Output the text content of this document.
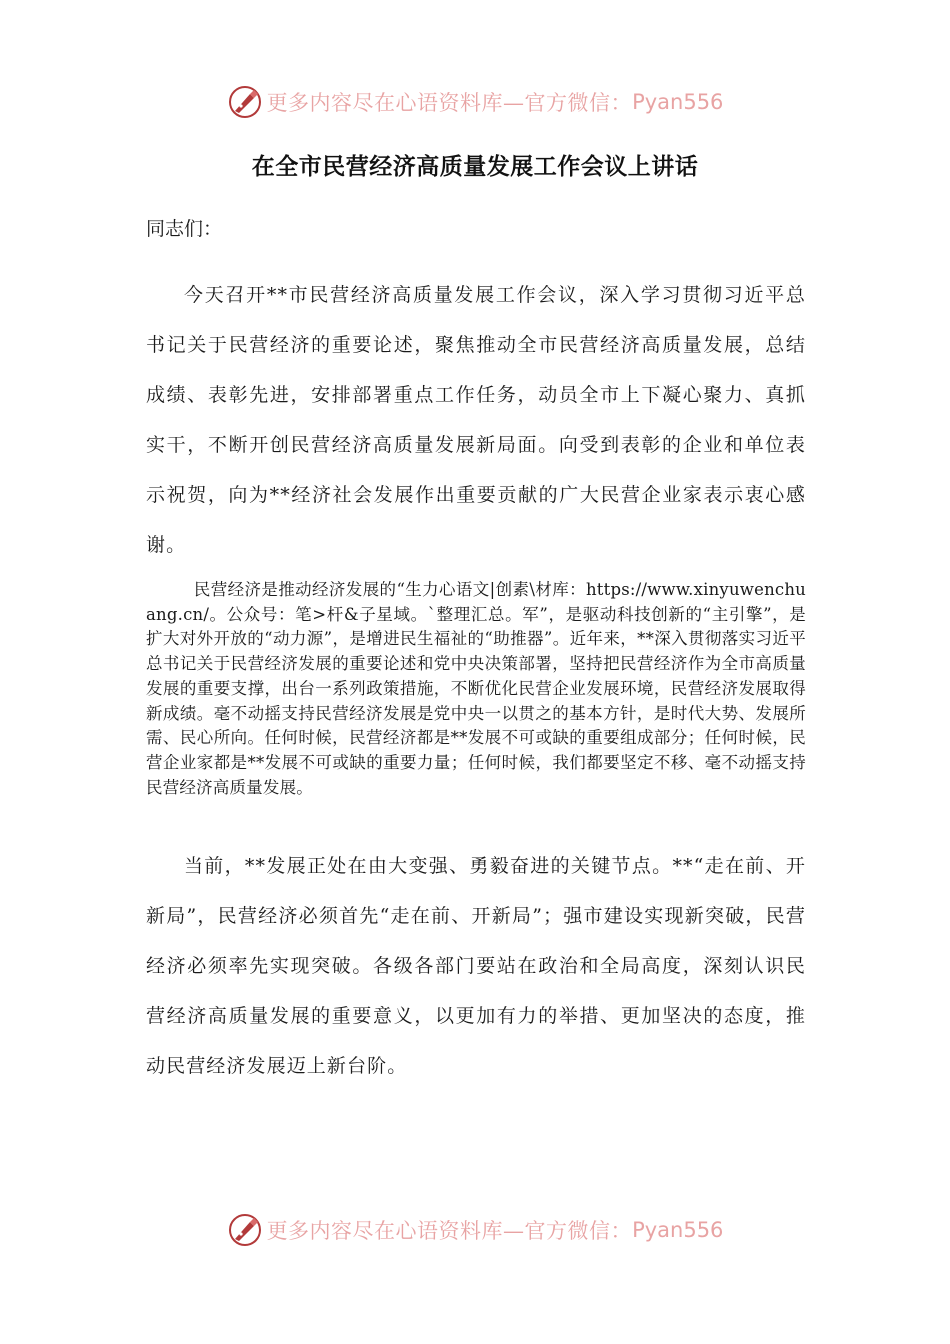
更多内容尽在心语资料库—官方微信： Pyan556
在全市民营经济高质量发展工作会议上讲话

同志们：

今天召开**市民营经济高质量发展工作会议，深入学习贯彻习近平总书记关于民营经济的重要论述，聚焦推动全市民营经济高质量发展，总结成绩、表彰先进，安排部署重点工作任务，动员全市上下凝心聚力、真抓实干，不断开创民营经济高质量发展新局面。向受到表彰的企业和单位表示祝贺，向为**经济社会发展作出重要贡献的广大民营企业家表示衷心感谢。

民营经济是推动经济发展的“生力心语文|创素\材库：https://www.xinyuwenchuang.cn/。公众号：笔>杆&子星域。`整理汇总。军”，是驱动科技创新的“主引擎”，是扩大对外开放的“动力源”，是增进民生福祉的“助推器”。近年来，**深入贯彻落实习近平总书记关于民营经济发展的重要论述和党中央决策部署，坚持把民营经济作为全市高质量发展的重要支撑，出台一系列政策措施，不断优化民营企业发展环境，民营经济发展取得新成绩。毫不动摇支持民营经济发展是党中央一以贯之的基本方针，是时代大势、发展所需、民心所向。任何时候，民营经济都是**发展不可或缺的重要组成部分；任何时候，民营企业家都是**发展不可或缺的重要力量；任何时候，我们都要坚定不移、毫不动摇支持民营经济高质量发展。

当前，**发展正处在由大变强、勇毅奋进的关键节点。**“走在前、开新局”，民营经济必须首先“走在前、开新局”；强市建设实现新突破，民营经济必须率先实现突破。各级各部门要站在政治和全局高度，深刻认识民营经济高质量发展的重要意义，以更加有力的举措、更加坚决的态度，推动民营经济发展迈上新台阶。

更多内容尽在心语资料库—官方微信： Pyan556
